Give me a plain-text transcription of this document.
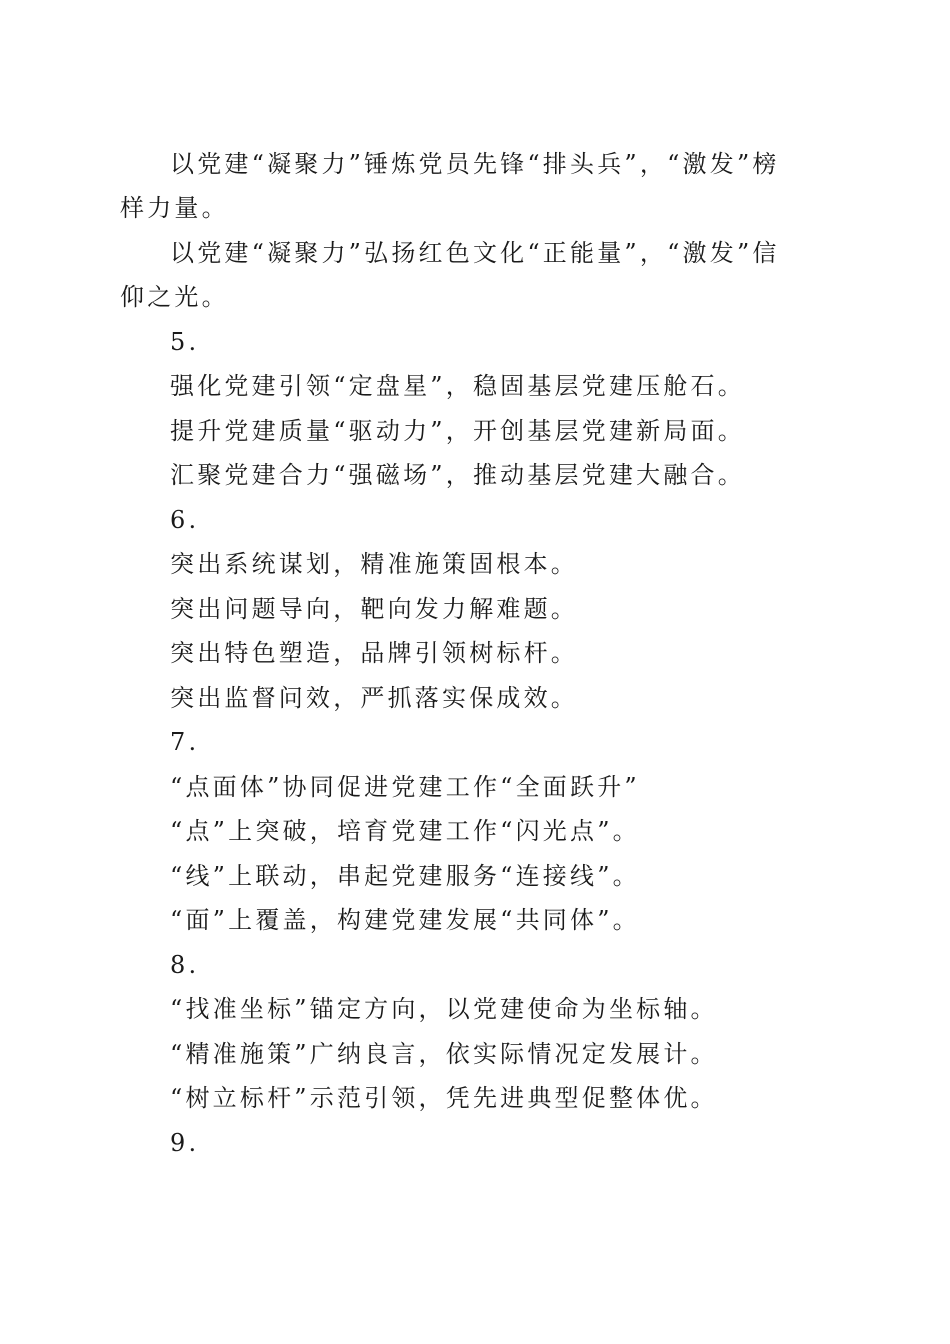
以党建“凝聚力”锤炼党员先锋“排头兵”，“激发”榜
样力量。
以党建“凝聚力”弘扬红色文化“正能量”，“激发”信
仰之光。
5.
强化党建引领“定盘星”，稳固基层党建压舱石。
提升党建质量“驱动力”，开创基层党建新局面。
汇聚党建合力“强磁场”，推动基层党建大融合。
6.
突出系统谋划，精准施策固根本。
突出问题导向，靶向发力解难题。
突出特色塑造，品牌引领树标杆。
突出监督问效，严抓落实保成效。
7.
“点面体”协同促进党建工作“全面跃升”
“点”上突破，培育党建工作“闪光点”。
“线”上联动，串起党建服务“连接线”。
“面”上覆盖，构建党建发展“共同体”。
8.
“找准坐标”锚定方向，以党建使命为坐标轴。
“精准施策”广纳良言，依实际情况定发展计。
“树立标杆”示范引领，凭先进典型促整体优。
9.
